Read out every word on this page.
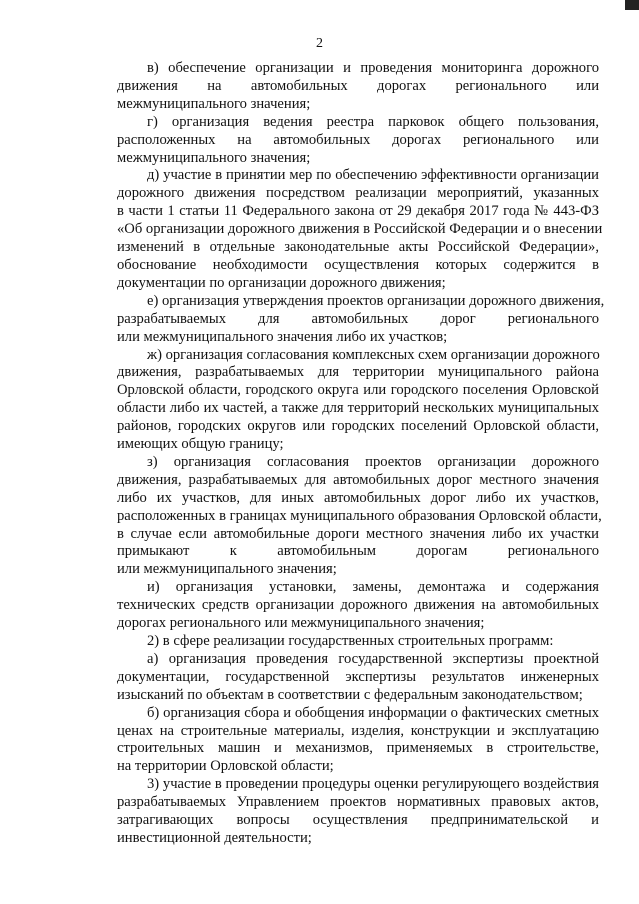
2
в) обеспечение организации и проведения мониторинга дорожного
движения на автомобильных дорогах регионального или
межмуниципального значения;
г) организация ведения реестра парковок общего пользования,
расположенных на автомобильных дорогах регионального или
межмуниципального значения;
д) участие в принятии мер по обеспечению эффективности организации
дорожного движения посредством реализации мероприятий, указанных
в части 1 статьи 11 Федерального закона от 29 декабря 2017 года № 443-ФЗ
«Об организации дорожного движения в Российской Федерации и о внесении
изменений в отдельные законодательные акты Российской Федерации»,
обоснование необходимости осуществления которых содержится в
документации по организации дорожного движения;
е) организация утверждения проектов организации дорожного движения,
разрабатываемых для автомобильных дорог регионального
или межмуниципального значения либо их участков;
ж) организация согласования комплексных схем организации дорожного
движения, разрабатываемых для территории муниципального района
Орловской области, городского округа или городского поселения Орловской
области либо их частей, а также для территорий нескольких муниципальных
районов, городских округов или городских поселений Орловской области,
имеющих общую границу;
з) организация согласования проектов организации дорожного
движения, разрабатываемых для автомобильных дорог местного значения
либо их участков, для иных автомобильных дорог либо их участков,
расположенных в границах муниципального образования Орловской области,
в случае если автомобильные дороги местного значения либо их участки
примыкают к автомобильным дорогам регионального
или межмуниципального значения;
и) организация установки, замены, демонтажа и содержания
технических средств организации дорожного движения на автомобильных
дорогах регионального или межмуниципального значения;
2) в сфере реализации государственных строительных программ:
а) организация проведения государственной экспертизы проектной
документации, государственной экспертизы результатов инженерных
изысканий по объектам в соответствии с федеральным законодательством;
б) организация сбора и обобщения информации о фактических сметных
ценах на строительные материалы, изделия, конструкции и эксплуатацию
строительных машин и механизмов, применяемых в строительстве,
на территории Орловской области;
3) участие в проведении процедуры оценки регулирующего воздействия
разрабатываемых Управлением проектов нормативных правовых актов,
затрагивающих вопросы осуществления предпринимательской и
инвестиционной деятельности;
